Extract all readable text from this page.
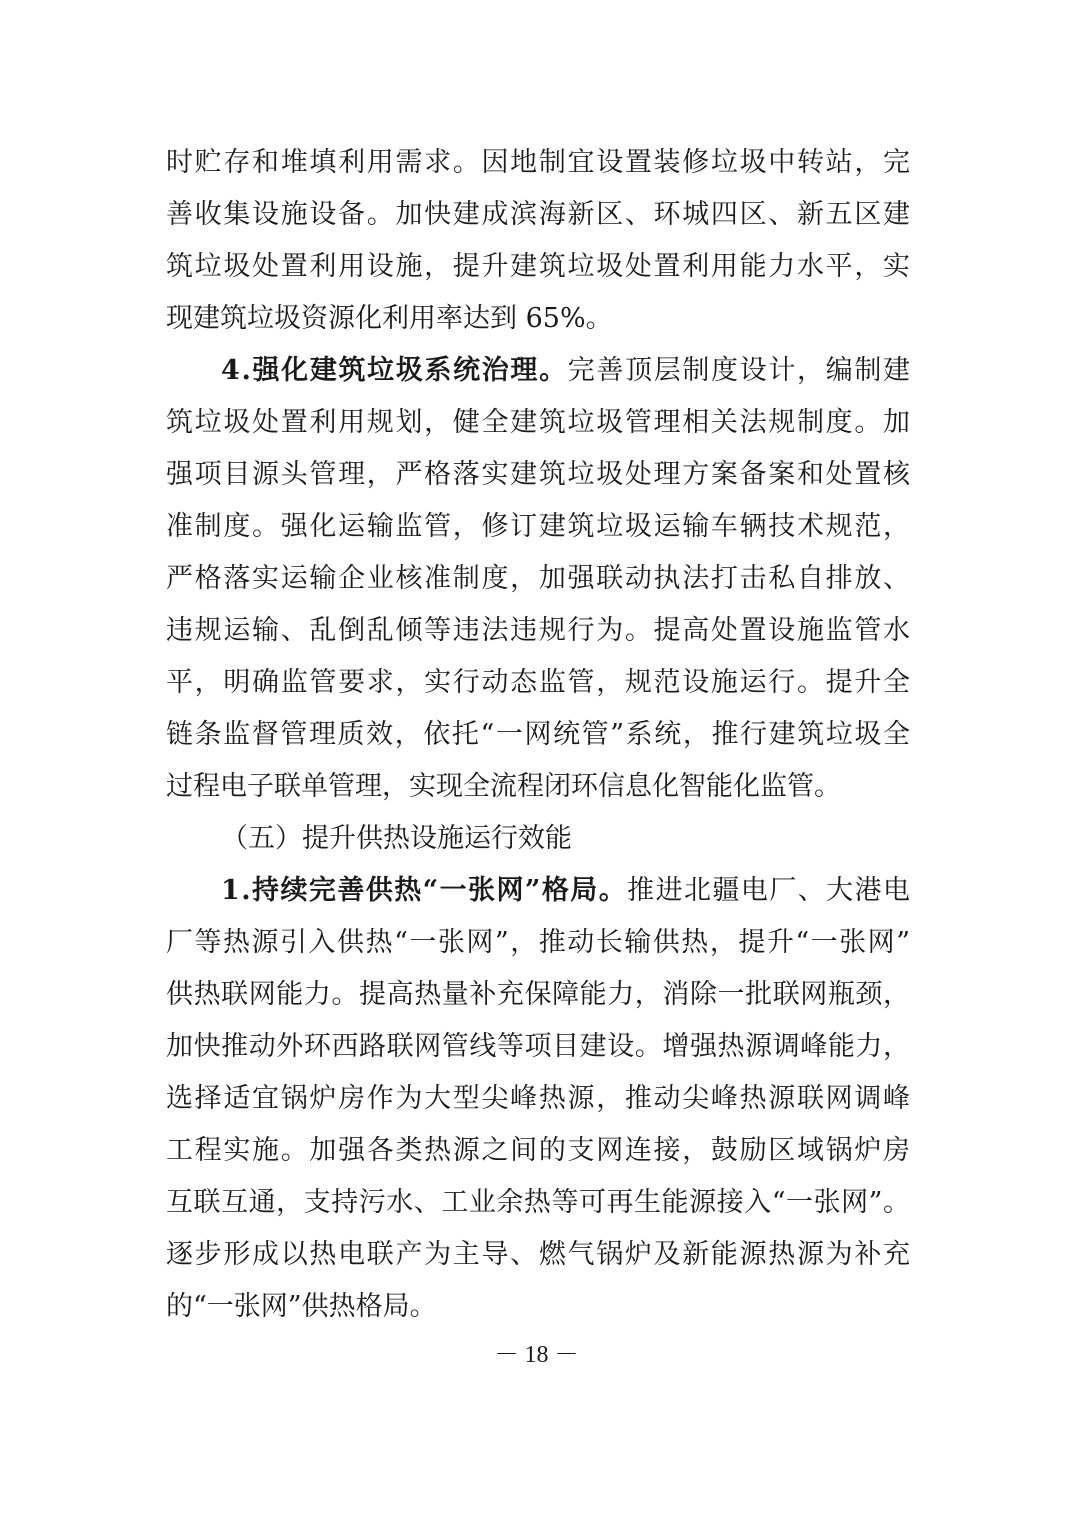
时贮存和堆填利用需求。因地制宜设置装修垃圾中转站，完
善收集设施设备。加快建成滨海新区、环城四区、新五区建
筑垃圾处置利用设施，提升建筑垃圾处置利用能力水平，实
现建筑垃圾资源化利用率达到 65%。
4.强化建筑垃圾系统治理。完善顶层制度设计，编制建
筑垃圾处置利用规划，健全建筑垃圾管理相关法规制度。加
强项目源头管理，严格落实建筑垃圾处理方案备案和处置核
准制度。强化运输监管，修订建筑垃圾运输车辆技术规范，
严格落实运输企业核准制度，加强联动执法打击私自排放、
违规运输、乱倒乱倾等违法违规行为。提高处置设施监管水
平，明确监管要求，实行动态监管，规范设施运行。提升全
链条监督管理质效，依托“一网统管”系统，推行建筑垃圾全
过程电子联单管理，实现全流程闭环信息化智能化监管。
（五）提升供热设施运行效能
1.持续完善供热“一张网”格局。推进北疆电厂、大港电
厂等热源引入供热“一张网”，推动长输供热，提升“一张网”
供热联网能力。提高热量补充保障能力，消除一批联网瓶颈，
加快推动外环西路联网管线等项目建设。增强热源调峰能力，
选择适宜锅炉房作为大型尖峰热源，推动尖峰热源联网调峰
工程实施。加强各类热源之间的支网连接，鼓励区域锅炉房
互联互通，支持污水、工业余热等可再生能源接入“一张网”。
逐步形成以热电联产为主导、燃气锅炉及新能源热源为补充
的“一张网”供热格局。
－ 18 －
